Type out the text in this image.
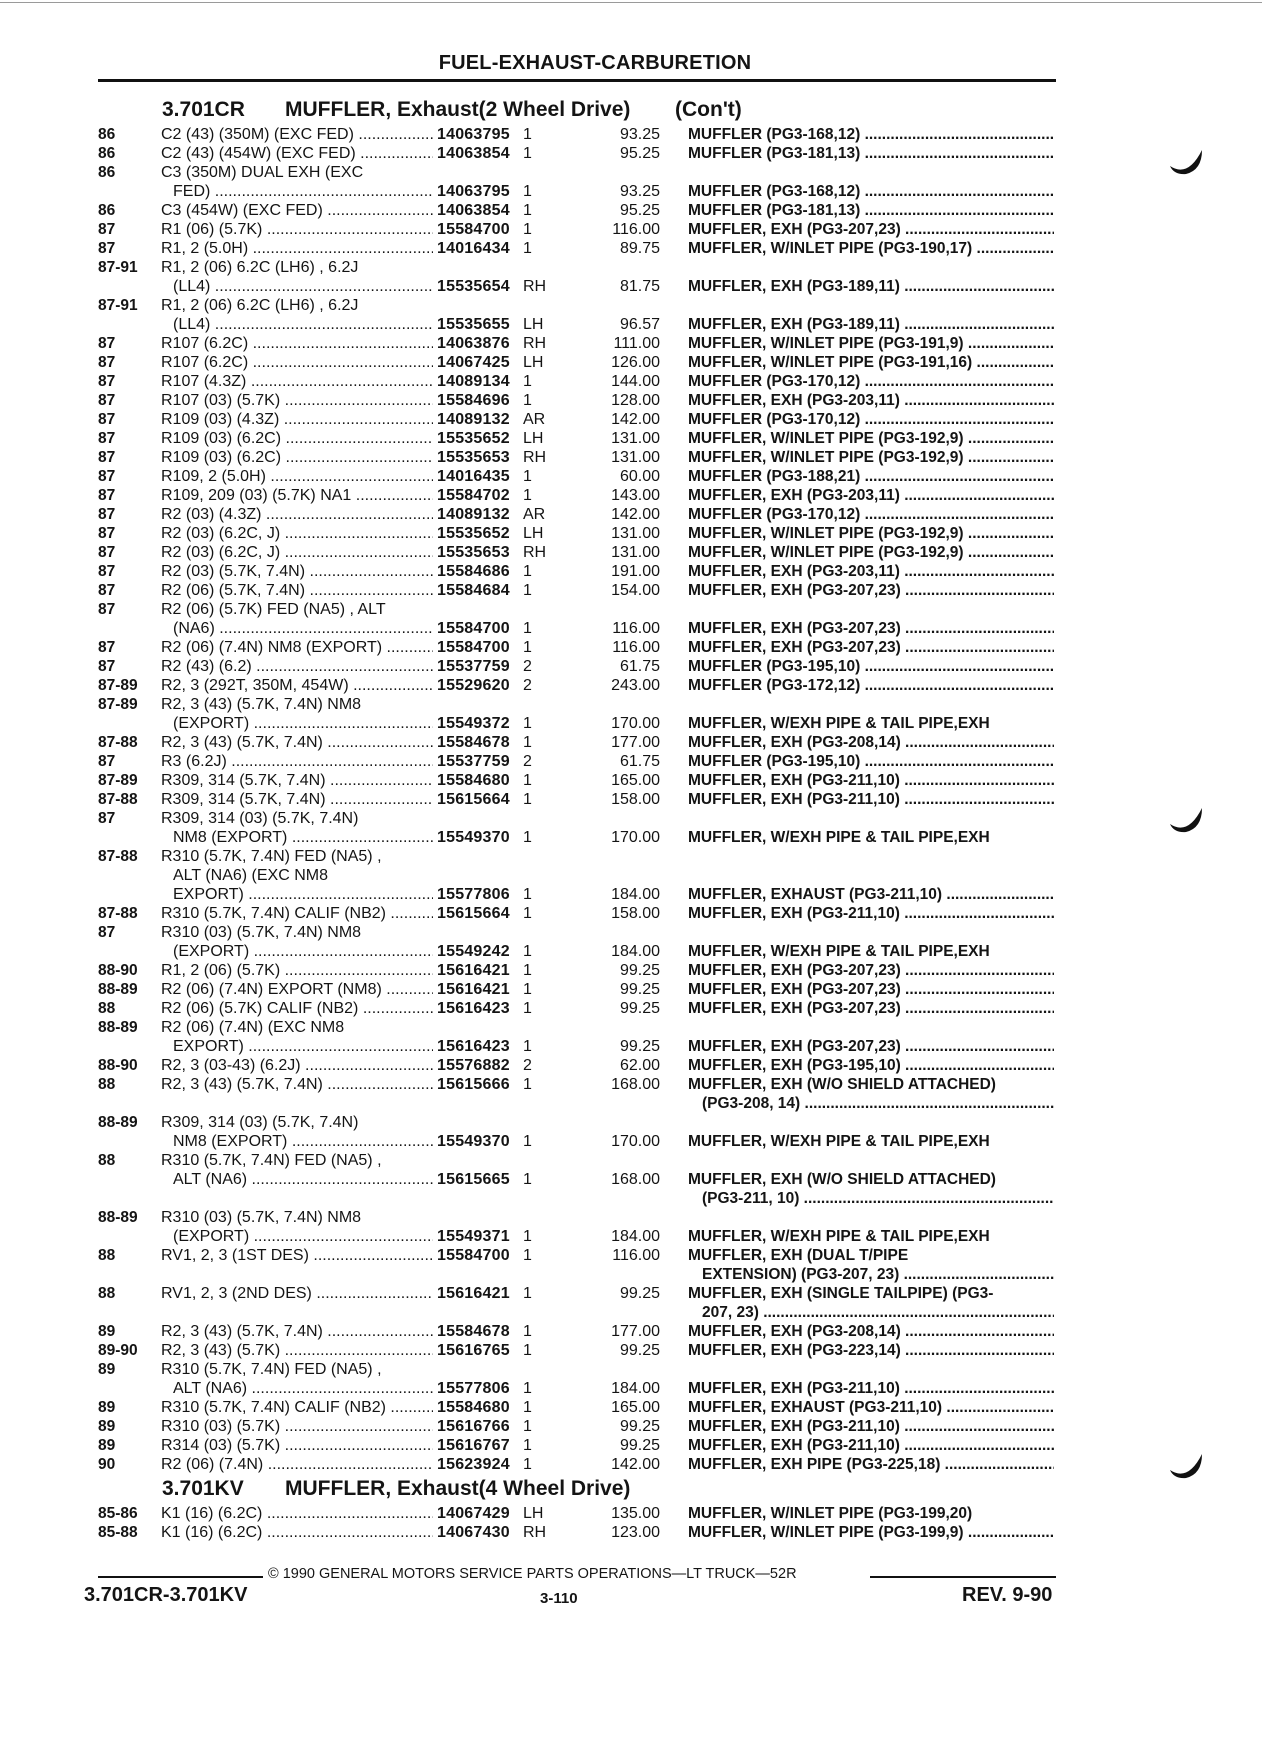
FUEL-EXHAUST-CARBURETION
3.701CR MUFFLER, Exhaust(2 Wheel Drive) (Con't)
86	C2 (43) (350M) (EXC FED) .....	14063795 1	93.25 MUFFLER (PG3-168,12) .....
86	C2 (43) (454W) (EXC FED) .....	14063854 1	95.25 MUFFLER (PG3-181,13) .....
86	C3 (350M) DUAL EXH (EXC
FED) .....	14063795 1	93.25 MUFFLER (PG3-168,12) .....
86	C3 (454W) (EXC FED) .....	14063854 1	95.25 MUFFLER (PG3-181,13) .....
87	R1 (06) (5.7K) .....	15584700 1	116.00 MUFFLER, EXH (PG3-207,23) .....
87	R1, 2 (5.0H) .....	14016434 1	89.75 MUFFLER, W/INLET PIPE (PG3-190,17) .....
87-91 R1, 2 (06) 6.2C (LH6) , 6.2J
(LL4) .....	15535654 RH	81.75 MUFFLER, EXH (PG3-189,11) .....
87-91 R1, 2 (06) 6.2C (LH6) , 6.2J
(LL4) .....	15535655 LH	96.57 MUFFLER, EXH (PG3-189,11) .....
87	R107 (6.2C) .....	14063876 RH	111.00 MUFFLER, W/INLET PIPE (PG3-191,9) .....
87	R107 (6.2C) .....	14067425 LH	126.00 MUFFLER, W/INLET PIPE (PG3-191,16) .....
87	R107 (4.3Z) .....	14089134 1	144.00 MUFFLER (PG3-170,12) .....
87	R107 (03) (5.7K) .....	15584696 1	128.00 MUFFLER, EXH (PG3-203,11) .....
87	R109 (03) (4.3Z) .....	14089132 AR	142.00 MUFFLER (PG3-170,12) .....
87	R109 (03) (6.2C) .....	15535652 LH	131.00 MUFFLER, W/INLET PIPE (PG3-192,9) .....
87	R109 (03) (6.2C) .....	15535653 RH	131.00 MUFFLER, W/INLET PIPE (PG3-192,9) .....
87	R109, 2 (5.0H) .....	14016435 1	60.00 MUFFLER (PG3-188,21) .....
87	R109, 209 (03) (5.7K) NA1 .....	15584702 1	143.00 MUFFLER, EXH (PG3-203,11) .....
87	R2 (03) (4.3Z) .....	14089132 AR	142.00 MUFFLER (PG3-170,12) .....
87	R2 (03) (6.2C, J) .....	15535652 LH	131.00 MUFFLER, W/INLET PIPE (PG3-192,9) .....
87	R2 (03) (6.2C, J) .....	15535653 RH	131.00 MUFFLER, W/INLET PIPE (PG3-192,9) .....
87	R2 (03) (5.7K, 7.4N) .....	15584686 1	191.00 MUFFLER, EXH (PG3-203,11) .....
87	R2 (06) (5.7K, 7.4N) .....	15584684 1	154.00 MUFFLER, EXH (PG3-207,23) .....
87	R2 (06) (5.7K) FED (NA5) , ALT
(NA6) .....	15584700 1	116.00 MUFFLER, EXH (PG3-207,23) .....
87	R2 (06) (7.4N) NM8 (EXPORT) .....	15584700 1	116.00 MUFFLER, EXH (PG3-207,23) .....
87	R2 (43) (6.2) .....	15537759 2	61.75 MUFFLER (PG3-195,10) .....
87-89 R2, 3 (292T, 350M, 454W) .....	15529620 2	243.00 MUFFLER (PG3-172,12) .....
87-89 R2, 3 (43) (5.7K, 7.4N) NM8
(EXPORT) .....	15549372 1	170.00 MUFFLER, W/EXH PIPE & TAIL PIPE,EXH
87-88 R2, 3 (43) (5.7K, 7.4N) .....	15584678 1	177.00 MUFFLER, EXH (PG3-208,14) .....
87	R3 (6.2J) .....	15537759 2	61.75 MUFFLER (PG3-195,10) .....
87-89 R309, 314 (5.7K, 7.4N) .....	15584680 1	165.00 MUFFLER, EXH (PG3-211,10) .....
87-88 R309, 314 (5.7K, 7.4N) .....	15615664 1	158.00 MUFFLER, EXH (PG3-211,10) .....
87	R309, 314 (03) (5.7K, 7.4N)
NM8 (EXPORT) .....	15549370 1	170.00 MUFFLER, W/EXH PIPE & TAIL PIPE,EXH
87-88 R310 (5.7K, 7.4N) FED (NA5) ,
ALT (NA6) (EXC NM8
EXPORT) .....	15577806 1	184.00 MUFFLER, EXHAUST (PG3-211,10) .....
87-88 R310 (5.7K, 7.4N) CALIF (NB2) .....	15615664 1	158.00 MUFFLER, EXH (PG3-211,10) .....
87	R310 (03) (5.7K, 7.4N) NM8
(EXPORT) .....	15549242 1	184.00 MUFFLER, W/EXH PIPE & TAIL PIPE,EXH
88-90 R1, 2 (06) (5.7K) .....	15616421 1	99.25 MUFFLER, EXH (PG3-207,23) .....
88-89 R2 (06) (7.4N) EXPORT (NM8) .....	15616421 1	99.25 MUFFLER, EXH (PG3-207,23) .....
88	R2 (06) (5.7K) CALIF (NB2) .....	15616423 1	99.25 MUFFLER, EXH (PG3-207,23) .....
88-89 R2 (06) (7.4N) (EXC NM8
EXPORT) .....	15616423 1	99.25 MUFFLER, EXH (PG3-207,23) .....
88-90 R2, 3 (03-43) (6.2J) .....	15576882 2	62.00 MUFFLER, EXH (PG3-195,10) .....
88	R2, 3 (43) (5.7K, 7.4N) .....	15615666 1	168.00 MUFFLER, EXH (W/O SHIELD ATTACHED)
(PG3-208, 14) .....
88-89 R309, 314 (03) (5.7K, 7.4N)
NM8 (EXPORT) .....	15549370 1	170.00 MUFFLER, W/EXH PIPE & TAIL PIPE,EXH
88	R310 (5.7K, 7.4N) FED (NA5) ,
ALT (NA6) .....	15615665 1	168.00 MUFFLER, EXH (W/O SHIELD ATTACHED)
(PG3-211, 10) .....
88-89 R310 (03) (5.7K, 7.4N) NM8
(EXPORT) .....	15549371 1	184.00 MUFFLER, W/EXH PIPE & TAIL PIPE,EXH
88	RV1, 2, 3 (1ST DES) .....	15584700 1	116.00 MUFFLER, EXH (DUAL T/PIPE
EXTENSION) (PG3-207, 23) .....
88	RV1, 2, 3 (2ND DES) .....	15616421 1	99.25 MUFFLER, EXH (SINGLE TAILPIPE) (PG3-
207, 23) .....
89	R2, 3 (43) (5.7K, 7.4N) .....	15584678 1	177.00 MUFFLER, EXH (PG3-208,14) .....
89-90 R2, 3 (43) (5.7K) .....	15616765 1	99.25 MUFFLER, EXH (PG3-223,14) .....
89	R310 (5.7K, 7.4N) FED (NA5) ,
ALT (NA6) .....	15577806 1	184.00 MUFFLER, EXH (PG3-211,10) .....
89	R310 (5.7K, 7.4N) CALIF (NB2) .....	15584680 1	165.00 MUFFLER, EXHAUST (PG3-211,10) .....
89	R310 (03) (5.7K) .....	15616766 1	99.25 MUFFLER, EXH (PG3-211,10) .....
89	R314 (03) (5.7K) .....	15616767 1	99.25 MUFFLER, EXH (PG3-211,10) .....
90	R2 (06) (7.4N) .....	15623924 1	142.00 MUFFLER, EXH PIPE (PG3-225,18) .....
3.701KV MUFFLER, Exhaust(4 Wheel Drive)
85-86 K1 (16) (6.2C) .....	14067429 LH	135.00 MUFFLER, W/INLET PIPE (PG3-199,20)
85-88 K1 (16) (6.2C) .....	14067430 RH	123.00 MUFFLER, W/INLET PIPE (PG3-199,9) .....
© 1990 GENERAL MOTORS SERVICE PARTS OPERATIONS—LT TRUCK—52R
3.701CR-3.701KV	3-110	REV. 9-90
